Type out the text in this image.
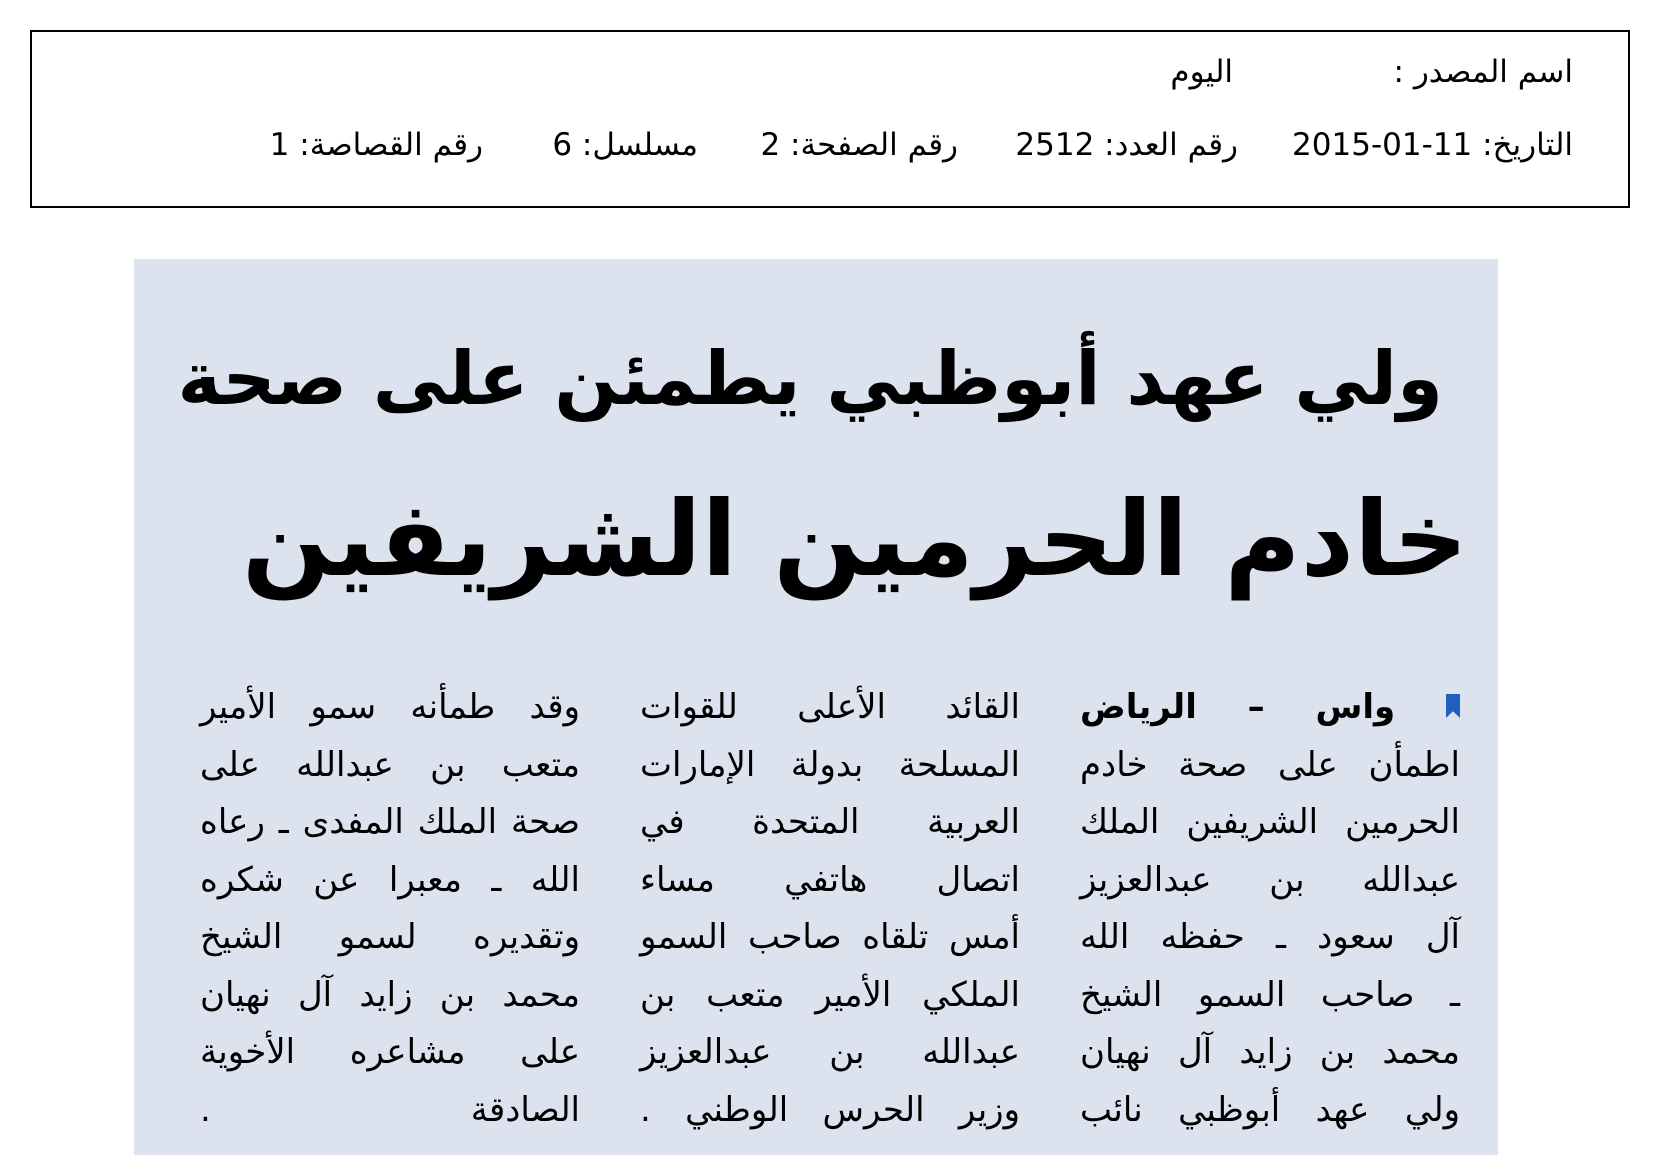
اسم المصدر :
اليوم
التاريخ: 11-01-2015
رقم العدد: 2512
رقم الصفحة: 2
مسلسل: 6
رقم القصاصة: 1
ولي عهد أبوظبي يطمئن على صحة
خادم الحرمين الشريفين
واس – الرياض
اطمأن على صحة خادم
الحرمين الشريفين الملك
عبدالله بن عبدالعزيز
آل سعود ـ حفظه الله
ـ صاحب السمو الشيخ
محمد بن زايد آل نهيان
ولي عهد أبوظبي نائب
القائد الأعلى للقوات
المسلحة بدولة الإمارات
العربية المتحدة في
اتصال هاتفي مساء
أمس تلقاه صاحب السمو
الملكي الأمير متعب بن
عبدالله بن عبدالعزيز
وزير الحرس الوطني .
وقد طمأنه سمو الأمير
متعب بن عبدالله على
صحة الملك المفدى ـ رعاه
الله ـ معبرا عن شكره
وتقديره لسمو الشيخ
محمد بن زايد آل نهيان
على مشاعره الأخوية
الصادقة .
